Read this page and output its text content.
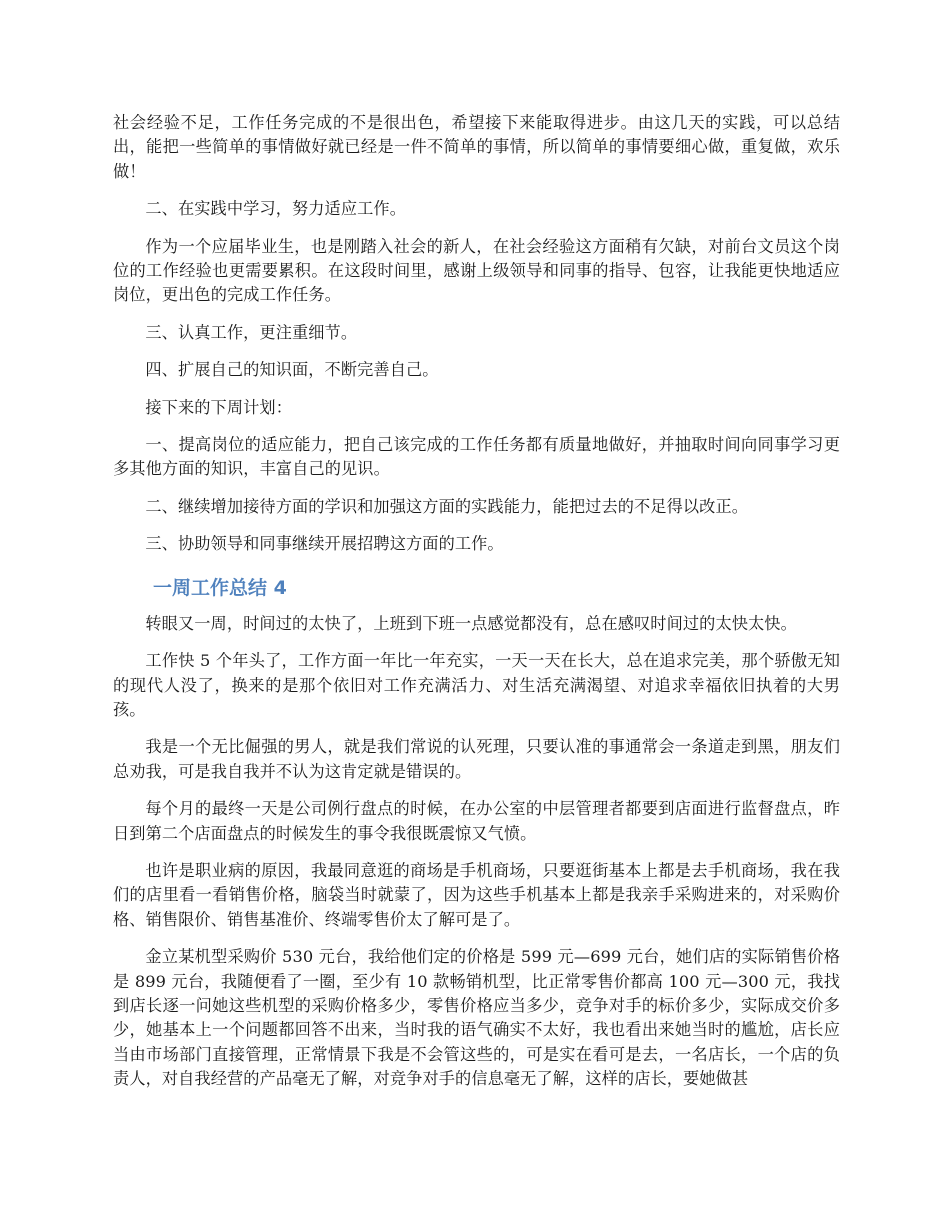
社会经验不足，工作任务完成的不是很出色，希望接下来能取得进步。由这几天的实践，可以总结出，能把一些简单的事情做好就已经是一件不简单的事情，所以简单的事情要细心做，重复做，欢乐做！

二、在实践中学习，努力适应工作。

作为一个应届毕业生，也是刚踏入社会的新人，在社会经验这方面稍有欠缺，对前台文员这个岗位的工作经验也更需要累积。在这段时间里，感谢上级领导和同事的指导、包容，让我能更快地适应岗位，更出色的完成工作任务。

三、认真工作，更注重细节。

四、扩展自己的知识面，不断完善自己。

接下来的下周计划：

一、提高岗位的适应能力，把自己该完成的工作任务都有质量地做好，并抽取时间向同事学习更多其他方面的知识，丰富自己的见识。

二、继续增加接待方面的学识和加强这方面的实践能力，能把过去的不足得以改正。

三、协助领导和同事继续开展招聘这方面的工作。

一周工作总结 4

转眼又一周，时间过的太快了，上班到下班一点感觉都没有，总在感叹时间过的太快太快。

工作快 5 个年头了，工作方面一年比一年充实，一天一天在长大，总在追求完美，那个骄傲无知的现代人没了，换来的是那个依旧对工作充满活力、对生活充满渴望、对追求幸福依旧执着的大男孩。

我是一个无比倔强的男人，就是我们常说的认死理，只要认准的事通常会一条道走到黑，朋友们总劝我，可是我自我并不认为这肯定就是错误的。

每个月的最终一天是公司例行盘点的时候，在办公室的中层管理者都要到店面进行监督盘点，昨日到第二个店面盘点的时候发生的事令我很既震惊又气愤。

也许是职业病的原因，我最同意逛的商场是手机商场，只要逛街基本上都是去手机商场，我在我们的店里看一看销售价格，脑袋当时就蒙了，因为这些手机基本上都是我亲手采购进来的，对采购价格、销售限价、销售基准价、终端零售价太了解可是了。

金立某机型采购价 530 元台，我给他们定的价格是 599 元—699 元台，她们店的实际销售价格是 899 元台，我随便看了一圈，至少有 10 款畅销机型，比正常零售价都高 100 元—300 元，我找到店长逐一问她这些机型的采购价格多少，零售价格应当多少，竞争对手的标价多少，实际成交价多少，她基本上一个问题都回答不出来，当时我的语气确实不太好，我也看出来她当时的尴尬，店长应当由市场部门直接管理，正常情景下我是不会管这些的，可是实在看可是去，一名店长，一个店的负责人，对自我经营的产品毫无了解，对竞争对手的信息毫无了解，这样的店长，要她做甚
